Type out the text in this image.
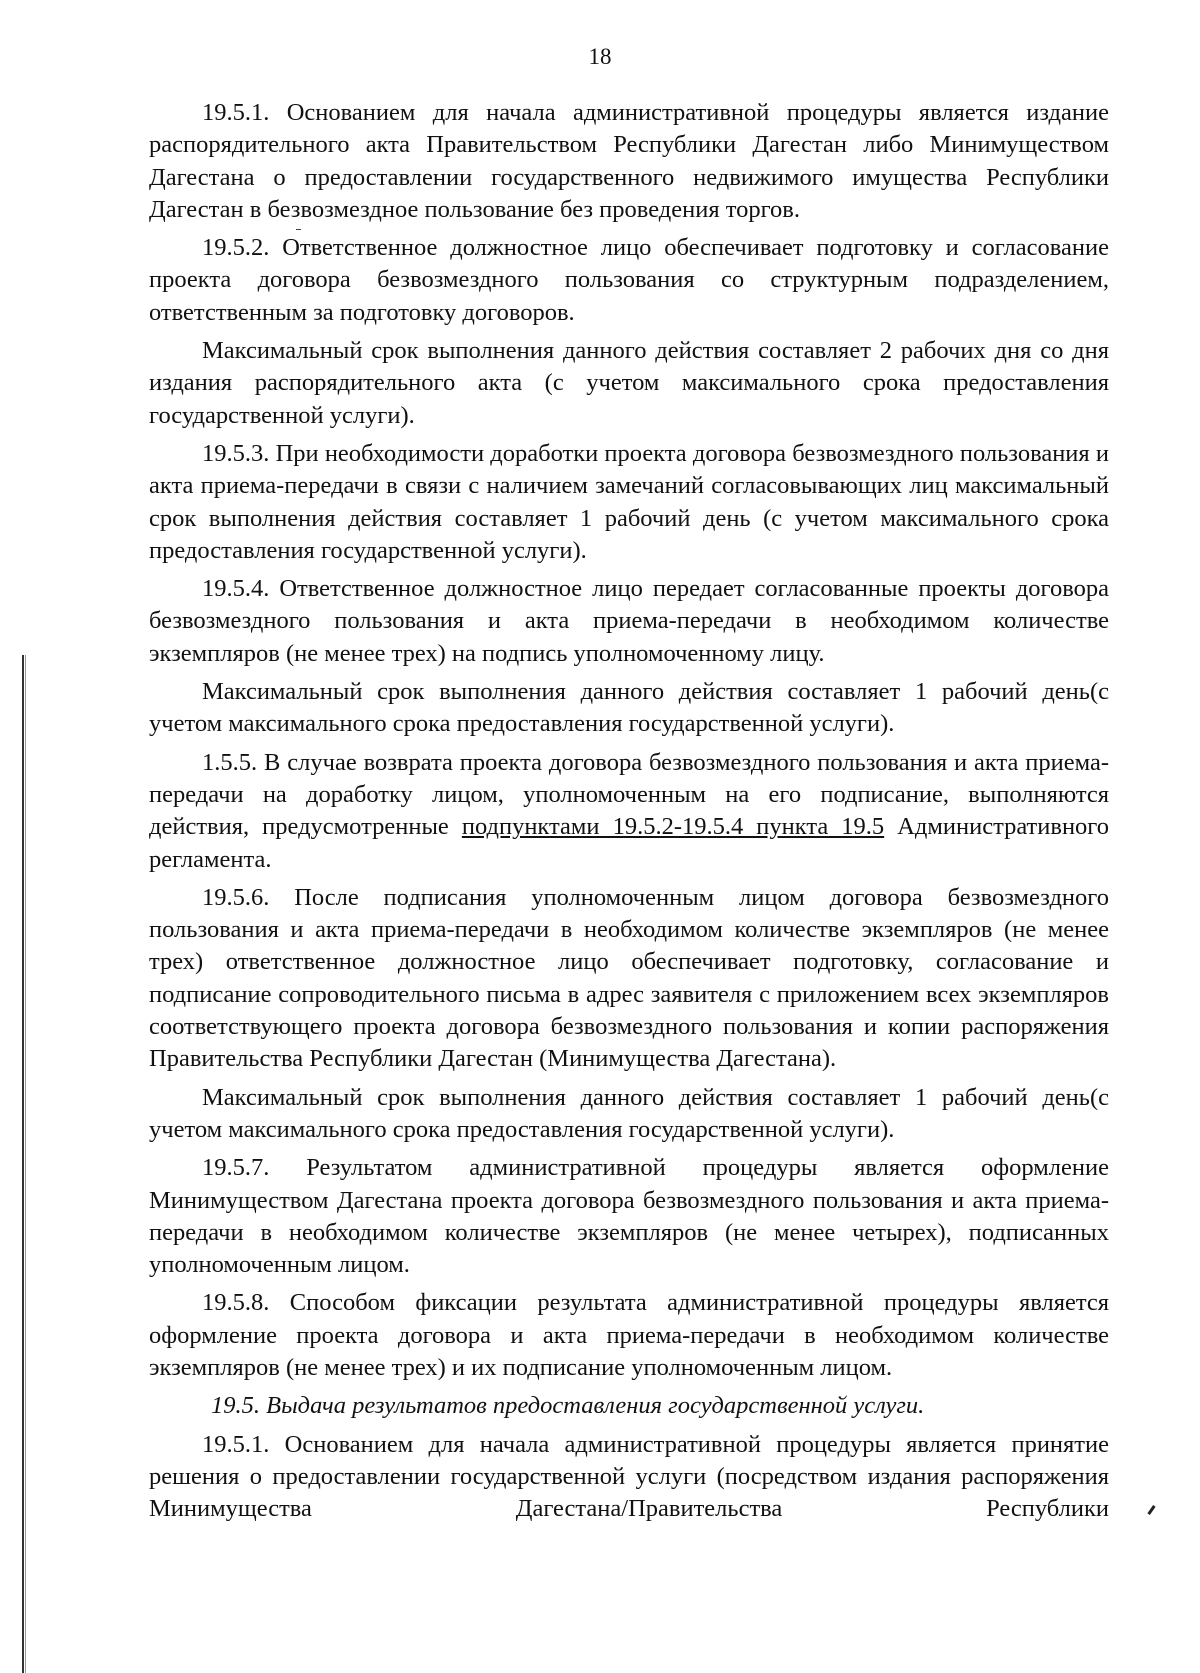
18

19.5.1. Основанием для начала административной процедуры является издание распорядительного акта Правительством Республики Дагестан либо Минимуществом Дагестана о предоставлении государственного недвижимого имущества Республики Дагестан в безвозмездное пользование без проведения торгов.

19.5.2. Ответственное должностное лицо обеспечивает подготовку и согласование проекта договора безвозмездного пользования со структурным подразделением, ответственным за подготовку договоров.

Максимальный срок выполнения данного действия составляет 2 рабочих дня со дня издания распорядительного акта (с учетом максимального срока предоставления государственной услуги).

19.5.3. При необходимости доработки проекта договора безвозмездного пользования и акта приема-передачи в связи с наличием замечаний согласовывающих лиц максимальный срок выполнения действия составляет 1 рабочий день (с учетом максимального срока предоставления государственной услуги).

19.5.4. Ответственное должностное лицо передает согласованные проекты договора безвозмездного пользования и акта приема-передачи в необходимом количестве экземпляров (не менее трех) на подпись уполномоченному лицу.

Максимальный срок выполнения данного действия составляет 1 рабочий день(с учетом максимального срока предоставления государственной услуги).

1.5.5. В случае возврата проекта договора безвозмездного пользования и акта приема-передачи на доработку лицом, уполномоченным на его подписание, выполняются действия, предусмотренные подпунктами 19.5.2-19.5.4 пункта 19.5 Административного регламента.

19.5.6. После подписания уполномоченным лицом договора безвозмездного пользования и акта приема-передачи в необходимом количестве экземпляров (не менее трех) ответственное должностное лицо обеспечивает подготовку, согласование и подписание сопроводительного письма в адрес заявителя с приложением всех экземпляров соответствующего проекта договора безвозмездного пользования и копии распоряжения Правительства Республики Дагестан (Минимущества Дагестана).

Максимальный срок выполнения данного действия составляет 1 рабочий день(с учетом максимального срока предоставления государственной услуги).

19.5.7. Результатом административной процедуры является оформление Минимуществом Дагестана проекта договора безвозмездного пользования и акта приема-передачи в необходимом количестве экземпляров (не менее четырех), подписанных уполномоченным лицом.

19.5.8. Способом фиксации результата административной процедуры является оформление проекта договора и акта приема-передачи в необходимом количестве экземпляров (не менее трех) и их подписание уполномоченным лицом.

19.5. Выдача результатов предоставления государственной услуги.

19.5.1. Основанием для начала административной процедуры является принятие решения о предоставлении государственной услуги (посредством издания распоряжения Минимущества Дагестана/Правительства Республики
